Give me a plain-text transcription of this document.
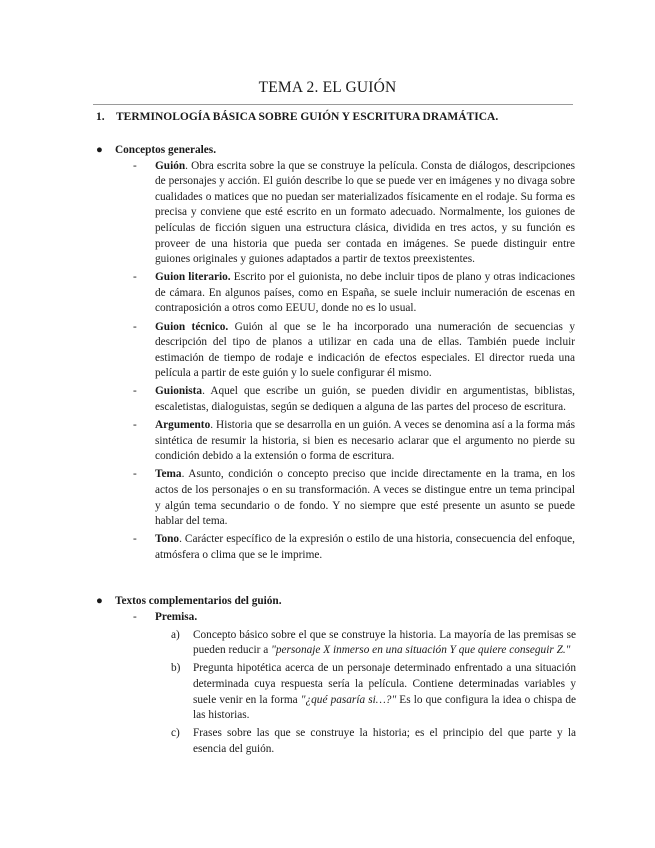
TEMA 2. EL GUIÓN
1. TERMINOLOGÍA BÁSICA SOBRE GUIÓN Y ESCRITURA DRAMÁTICA.
●	Conceptos generales.
-	Guión. Obra escrita sobre la que se construye la película. Consta de diálogos, descripciones de personajes y acción. El guión describe lo que se puede ver en imágenes y no divaga sobre cualidades o matices que no puedan ser materializados físicamente en el rodaje. Su forma es precisa y conviene que esté escrito en un formato adecuado. Normalmente, los guiones de películas de ficción siguen una estructura clásica, dividida en tres actos, y su función es proveer de una historia que pueda ser contada en imágenes. Se puede distinguir entre guiones originales y guiones adaptados a partir de textos preexistentes.
-	Guion literario. Escrito por el guionista, no debe incluir tipos de plano y otras indicaciones de cámara. En algunos países, como en España, se suele incluir numeración de escenas en contraposición a otros como EEUU, donde no es lo usual.
-	Guion técnico. Guión al que se le ha incorporado una numeración de secuencias y descripción del tipo de planos a utilizar en cada una de ellas. También puede incluir estimación de tiempo de rodaje e indicación de efectos especiales. El director rueda una película a partir de este guión y lo suele configurar él mismo.
-	Guionista. Aquel que escribe un guión, se pueden dividir en argumentistas, biblistas, escaletistas, dialoguistas, según se dediquen a alguna de las partes del proceso de escritura.
-	Argumento. Historia que se desarrolla en un guión. A veces se denomina así a la forma más sintética de resumir la historia, si bien es necesario aclarar que el argumento no pierde su condición debido a la extensión o forma de escritura.
-	Tema. Asunto, condición o concepto preciso que incide directamente en la trama, en los actos de los personajes o en su transformación. A veces se distingue entre un tema principal y algún tema secundario o de fondo. Y no siempre que esté presente un asunto se puede hablar del tema.
-	Tono. Carácter específico de la expresión o estilo de una historia, consecuencia del enfoque, atmósfera o clima que se le imprime.
●	Textos complementarios del guión.
-	Premisa.
a)	Concepto básico sobre el que se construye la historia. La mayoría de las premisas se pueden reducir a "personaje X inmerso en una situación Y que quiere conseguir Z."
b)	Pregunta hipotética acerca de un personaje determinado enfrentado a una situación determinada cuya respuesta sería la película. Contiene determinadas variables y suele venir en la forma "¿qué pasaría si…?" Es lo que configura la idea o chispa de las historias.
c)	Frases sobre las que se construye la historia; es el principio del que parte y la esencia del guión.
